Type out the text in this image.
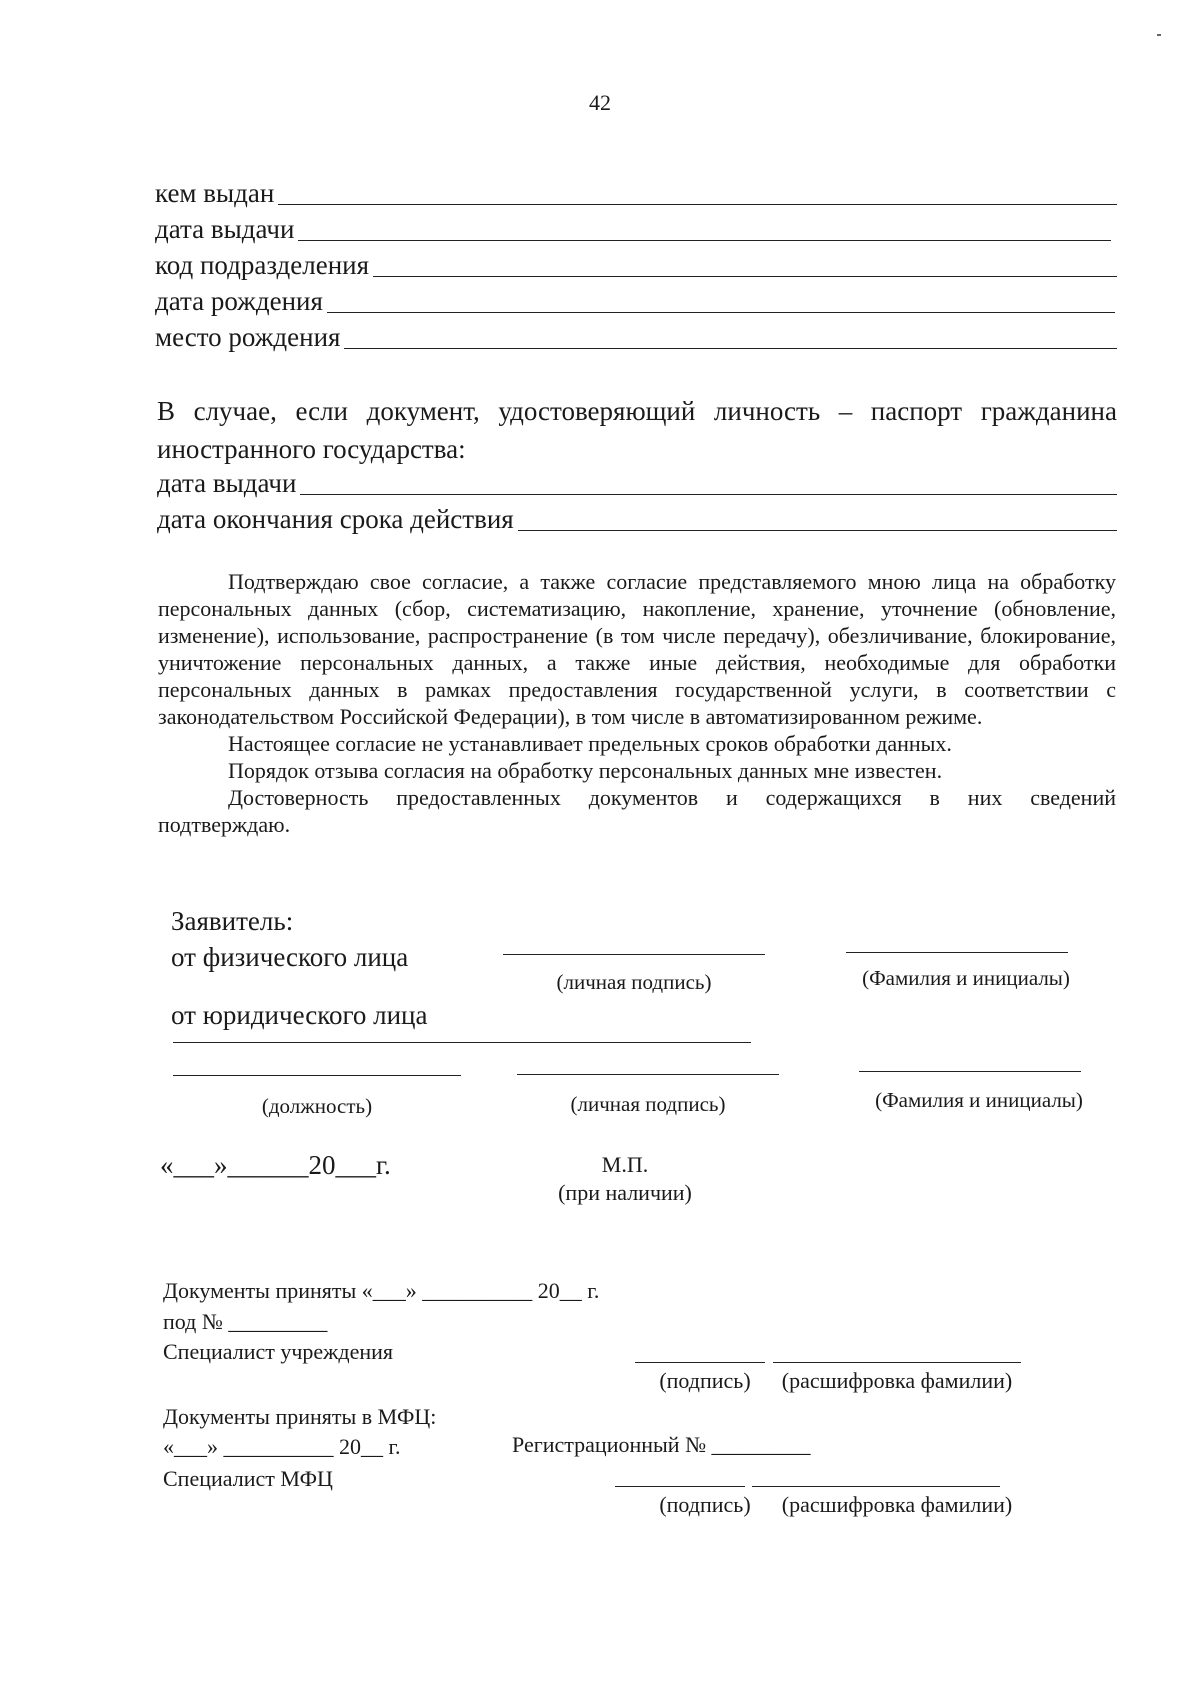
42
кем выдан
дата выдачи
код подразделения
дата рождения
место рождения
В случае, если документ, удостоверяющий личность – паспорт гражданина
иностранного государства:
дата выдачи
дата окончания срока действия

Подтверждаю свое согласие, а также согласие представляемого мною лица на обработку персональных данных (сбор, систематизацию, накопление, хранение, уточнение (обновление, изменение), использование, распространение (в том числе передачу), обезличивание, блокирование, уничтожение персональных данных, а также иные действия, необходимые для обработки персональных данных в рамках предоставления государственной услуги, в соответствии с законодательством Российской Федерации), в том числе в автоматизированном режиме.

Настоящее согласие не устанавливает предельных сроков обработки данных.

Порядок отзыва согласия на обработку персональных данных мне известен.

Достоверность предоставленных документов и содержащихся в них сведений

подтверждаю.

Заявитель:
от физического лица
(личная подпись)	(Фамилия и инициалы)
от юридического лица
(должность)	(личная подпись)	(Фамилия и инициалы)
«___»______20___г.	М.П.
(при наличии)
Документы приняты «___» __________ 20__ г.
под № _________
Специалист учреждения
(подпись)	(расшифровка фамилии)
Документы приняты в МФЦ:
«___» __________ 20__ г.	Регистрационный № _________
Специалист МФЦ
(подпись)	(расшифровка фамилии)
